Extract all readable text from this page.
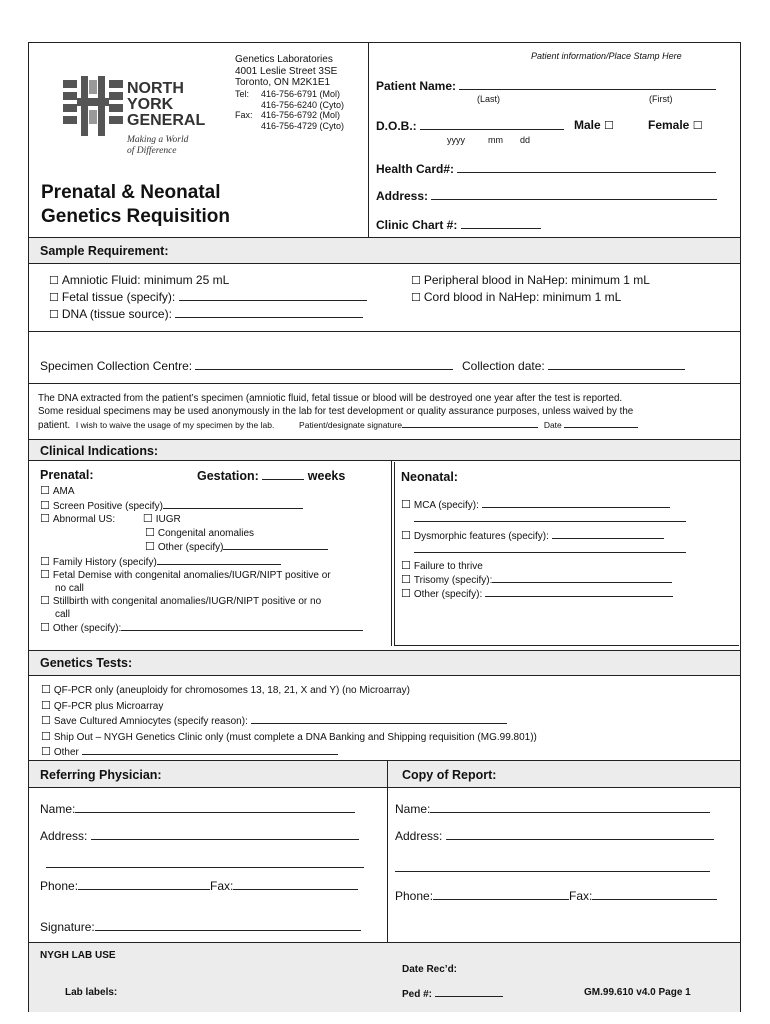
NORTH
YORK
GENERAL
Making a World
of Difference
Genetics Laboratories
4001 Leslie Street 3SE
Toronto, ON M2K1E1
Tel: 416-756-6791 (Mol)
416-756-6240 (Cyto)
Fax: 416-756-6792 (Mol)
416-756-4729 (Cyto)
Prenatal & Neonatal
Genetics Requisition
Patient information/Place Stamp Here
Patient Name:
(Last)	(First)
D.O.B.:
yyyy	mm dd
Male ☐	Female ☐
Health Card#:
Address:
Clinic Chart #:
Sample Requirement:
☐ Amniotic Fluid: minimum 25 mL
☐ Fetal tissue (specify):
☐ DNA (tissue source):
☐ Peripheral blood in NaHep: minimum 1 mL
☐ Cord blood in NaHep: minimum 1 mL
Specimen Collection Centre:	Collection date:
The DNA extracted from the patient’s specimen (amniotic fluid, fetal tissue or blood will be destroyed one year after the test is reported.
Some residual specimens may be used anonymously in the lab for test development or quality assurance purposes, unless waived by the
patient. I wish to waive the usage of my specimen by the lab.	Patient/designate signature	Date
Clinical Indications:
Prenatal:	Gestation:	weeks
☐ AMA
☐ Screen Positive (specify)
☐ Abnormal US:	☐ IUGR
☐ Congenital anomalies
☐ Other (specify)
☐ Family History (specify)
☐ Fetal Demise with congenital anomalies/IUGR/NIPT positive or
no call
☐ Stillbirth with congenital anomalies/IUGR/NIPT positive or no
call
☐ Other (specify):
Neonatal:
☐ MCA (specify):
☐ Dysmorphic features (specify):
☐ Failure to thrive
☐ Trisomy (specify):
☐ Other (specify):
Genetics Tests:
☐ QF-PCR only (aneuploidy for chromosomes 13, 18, 21, X and Y) (no Microarray)
☐ QF-PCR plus Microarray
☐ Save Cultured Amniocytes (specify reason):
☐ Ship Out – NYGH Genetics Clinic only (must complete a DNA Banking and Shipping requisition (MG.99.801))
☐ Other
Referring Physician:	Copy of Report:
Name:
Address:
Phone:	Fax:
Signature:
Name:
Address:
Phone:	Fax:
NYGH LAB USE
Lab labels:
Date Rec’d:
Ped #:	GM.99.610 v4.0 Page 1
